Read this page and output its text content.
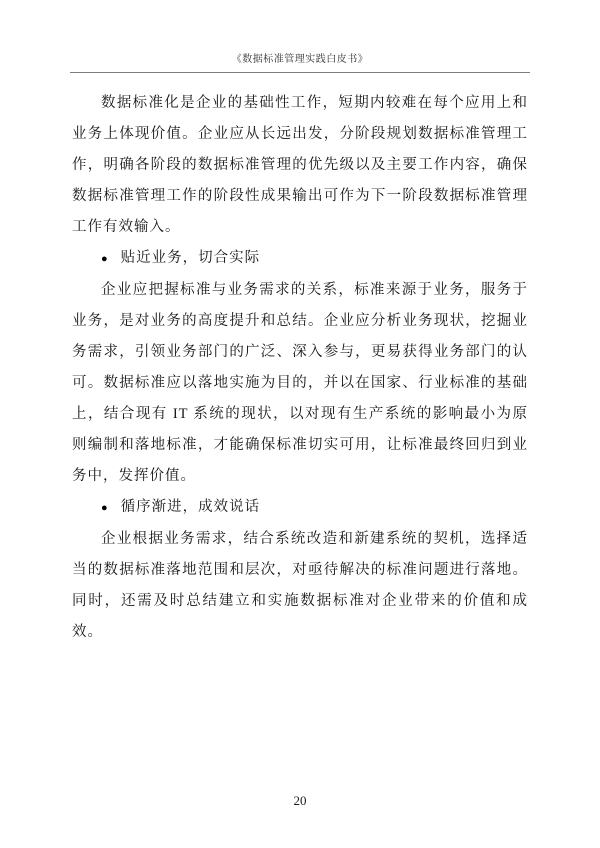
《数据标准管理实践白皮书》

数据标准化是企业的基础性工作，短期内较难在每个应用上和业务上体现价值。企业应从长远出发，分阶段规划数据标准管理工作，明确各阶段的数据标准管理的优先级以及主要工作内容，确保数据标准管理工作的阶段性成果输出可作为下一阶段数据标准管理工作有效输入。

● 贴近业务，切合实际

企业应把握标准与业务需求的关系，标准来源于业务，服务于业务，是对业务的高度提升和总结。企业应分析业务现状，挖掘业务需求，引领业务部门的广泛、深入参与，更易获得业务部门的认可。数据标准应以落地实施为目的，并以在国家、行业标准的基础上，结合现有 IT 系统的现状，以对现有生产系统的影响最小为原则编制和落地标准，才能确保标准切实可用，让标准最终回归到业务中，发挥价值。

● 循序渐进，成效说话

企业根据业务需求，结合系统改造和新建系统的契机，选择适当的数据标准落地范围和层次，对亟待解决的标准问题进行落地。同时，还需及时总结建立和实施数据标准对企业带来的价值和成效。

20
